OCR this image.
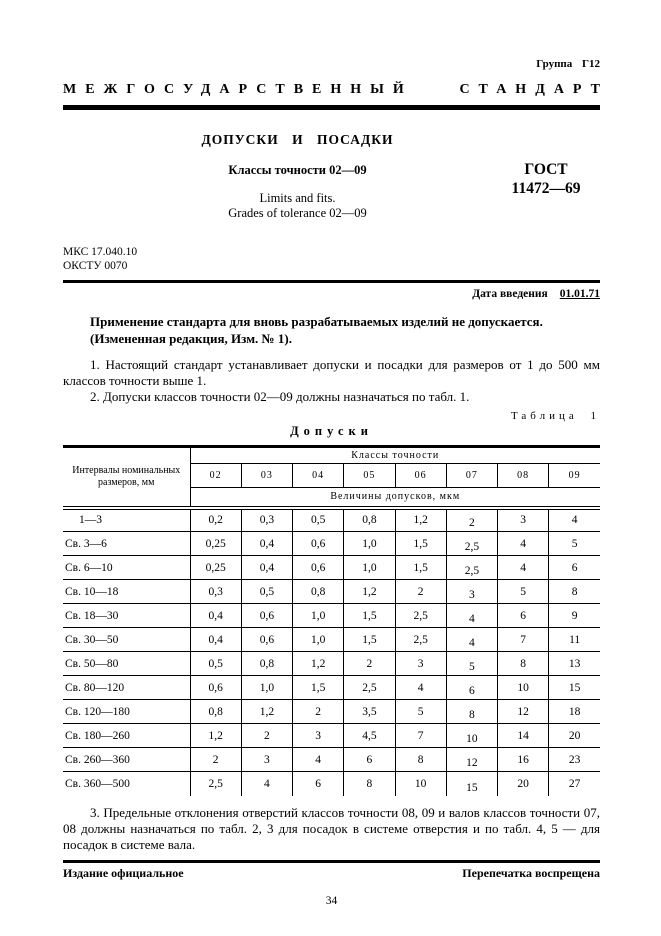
Группа Г12
МЕЖГОСУДАРСТВЕННЫЙ	СТАНДАРТ
ДОПУСКИ И ПОСАДКИ
Классы точности 02—09
Limits and fits.
Grades of tolerance 02—09
ГОСТ
11472—69
МКС 17.040.10
ОКСТУ 0070
Дата введения 01.01.71

Применение стандарта для вновь разрабатываемых изделий не допускается.

(Измененная редакция, Изм. № 1).

1. Настоящий стандарт устанавливает допуски и посадки для размеров от 1 до 500 мм классов точности выше 1.

2. Допуски классов точности 02—09 должны назначаться по табл. 1.

Таблица 1
Допуски
Интервалы номинальных размеров, мм	Классы точности							
	02	03	04	05	06	07	08	09
	Величины допусков, мкм							
1—3	0,2	0,3	0,5	0,8	1,2	2	3	4
Св. 3—6	0,25	0,4	0,6	1,0	1,5	2,5	4	5
Св. 6—10	0,25	0,4	0,6	1,0	1,5	2,5	4	6
Св. 10—18	0,3	0,5	0,8	1,2	2	3	5	8
Св. 18—30	0,4	0,6	1,0	1,5	2,5	4	6	9
Св. 30—50	0,4	0,6	1,0	1,5	2,5	4	7	11
Св. 50—80	0,5	0,8	1,2	2	3	5	8	13
Св. 80—120	0,6	1,0	1,5	2,5	4	6	10	15
Св. 120—180	0,8	1,2	2	3,5	5	8	12	18
Св. 180—260	1,2	2	3	4,5	7	10	14	20
Св. 260—360	2	3	4	6	8	12	16	23
Св. 360—500	2,5	4	6	8	10	15	20	27

3. Предельные отклонения отверстий классов точности 08, 09 и валов классов точности 07, 08 должны назначаться по табл. 2, 3 для посадок в системе отверстия и по табл. 4, 5 — для посадок в системе вала.

Издание официальное	Перепечатка воспрещена
34
